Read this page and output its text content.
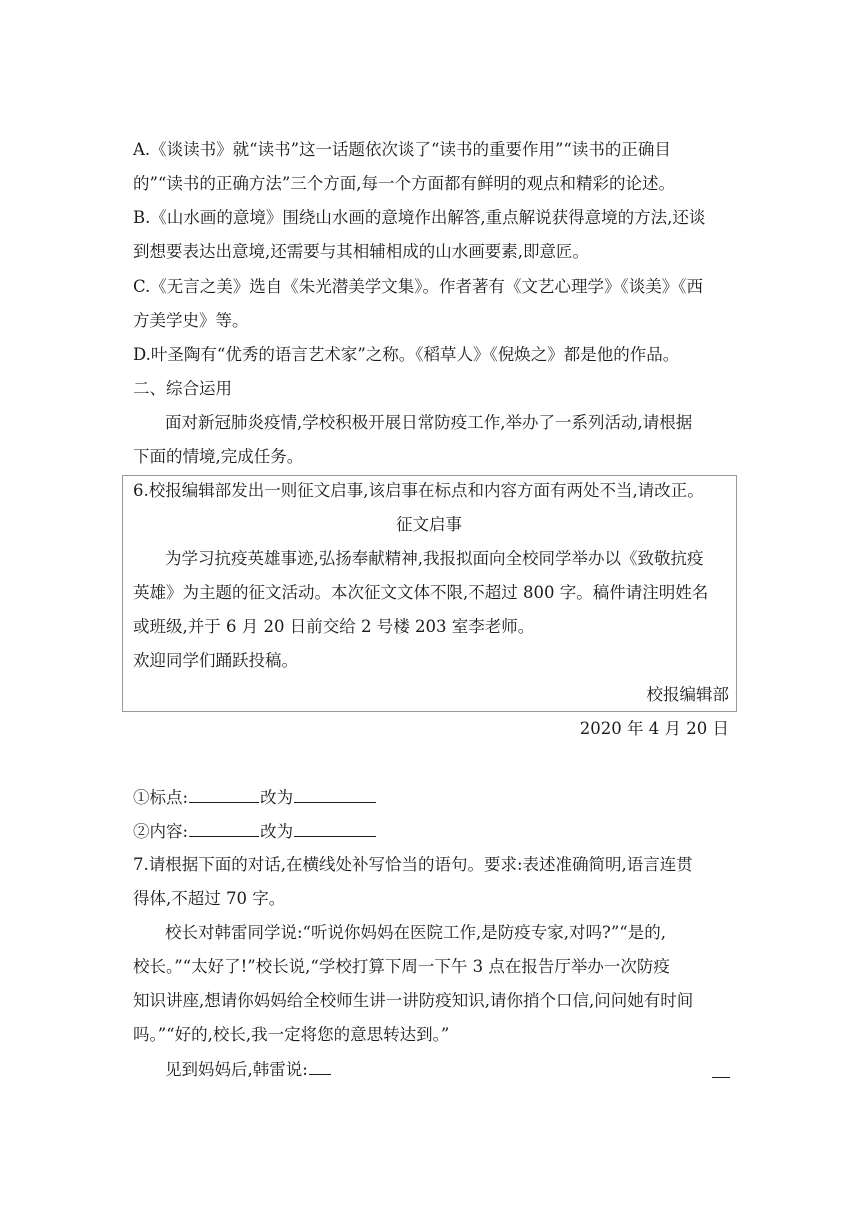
A.《谈读书》就“读书”这一话题依次谈了“读书的重要作用”“读书的正确目
的”“读书的正确方法”三个方面,每一个方面都有鲜明的观点和精彩的论述。
B.《山水画的意境》围绕山水画的意境作出解答,重点解说获得意境的方法,还谈
到想要表达出意境,还需要与其相辅相成的山水画要素,即意匠。
C.《无言之美》选自《朱光潜美学文集》。作者著有《文艺心理学》《谈美》《西
方美学史》等。
D.叶圣陶有“优秀的语言艺术家”之称。《稻草人》《倪焕之》都是他的作品。
二、综合运用
面对新冠肺炎疫情,学校积极开展日常防疫工作,举办了一系列活动,请根据
下面的情境,完成任务。
6.校报编辑部发出一则征文启事,该启事在标点和内容方面有两处不当,请改正。
征文启事
为学习抗疫英雄事迹,弘扬奉献精神,我报拟面向全校同学举办以《致敬抗疫
英雄》为主题的征文活动。本次征文文体不限,不超过 800 字。稿件请注明姓名
或班级,并于 6 月 20 日前交给 2 号楼 203 室李老师。
欢迎同学们踊跃投稿。
校报编辑部
2020 年 4 月 20 日
①标点:	改为
②内容:	改为
7.请根据下面的对话,在横线处补写恰当的语句。要求:表述准确简明,语言连贯
得体,不超过 70 字。
校长对韩雷同学说:“听说你妈妈在医院工作,是防疫专家,对吗?”“是的,
校长。”“太好了!”校长说,“学校打算下周一下午 3 点在报告厅举办一次防疫
知识讲座,想请你妈妈给全校师生讲一讲防疫知识,请你捎个口信,问问她有时间
吗。”“好的,校长,我一定将您的意思转达到。”
见到妈妈后,韩雷说:
